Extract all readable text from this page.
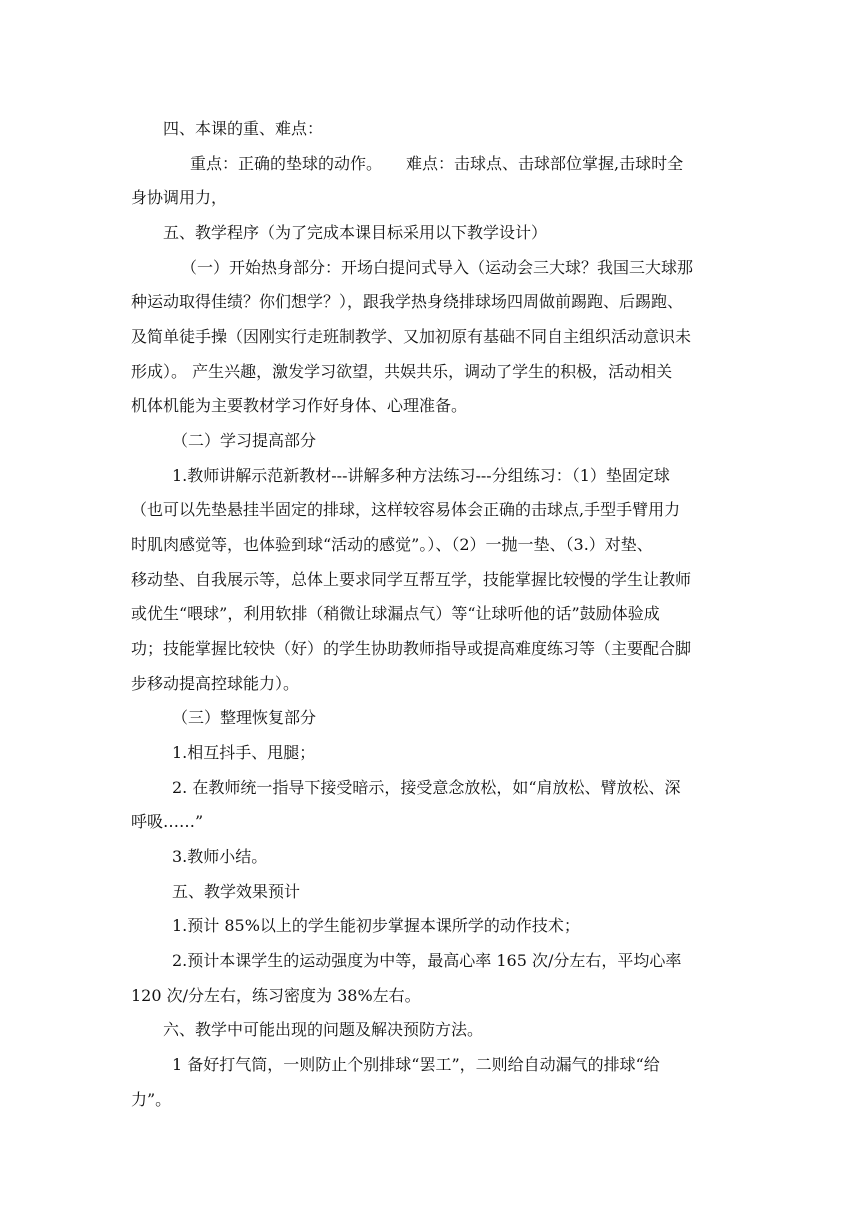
四、本课的重、难点：
重点：正确的垫球的动作。　　难点：击球点、击球部位掌握,击球时全
身协调用力，
五、教学程序（为了完成本课目标采用以下教学设计）
（一）开始热身部分：开场白提问式导入（运动会三大球？我国三大球那
种运动取得佳绩？你们想学？），跟我学热身绕排球场四周做前踢跑、后踢跑、
及简单徒手操（因刚实行走班制教学、又加初原有基础不同自主组织活动意识未
形成）。 产生兴趣，激发学习欲望，共娱共乐，调动了学生的积极，活动相关
机体机能为主要教材学习作好身体、心理准备。
（二）学习提高部分
1.教师讲解示范新教材---讲解多种方法练习---分组练习：（1）垫固定球
（也可以先垫悬挂半固定的排球，这样较容易体会正确的击球点,手型手臂用力
时肌肉感觉等，也体验到球“活动的感觉”。）、（2）一抛一垫、（3.）对垫、
移动垫、自我展示等，总体上要求同学互帮互学，技能掌握比较慢的学生让教师
或优生“喂球”，利用软排（稍微让球漏点气）等“让球听他的话”鼓励体验成
功；技能掌握比较快（好）的学生协助教师指导或提高难度练习等（主要配合脚
步移动提高控球能力）。
（三）整理恢复部分
1.相互抖手、甩腿；
2. 在教师统一指导下接受暗示，接受意念放松，如“肩放松、臂放松、深
呼吸……”
3.教师小结。
五、教学效果预计
1.预计 85%以上的学生能初步掌握本课所学的动作技术；
2.预计本课学生的运动强度为中等，最高心率 165 次/分左右，平均心率
120 次/分左右，练习密度为 38%左右。
六、教学中可能出现的问题及解决预防方法。
1 备好打气筒，一则防止个别排球“罢工”，二则给自动漏气的排球“给
力”。
